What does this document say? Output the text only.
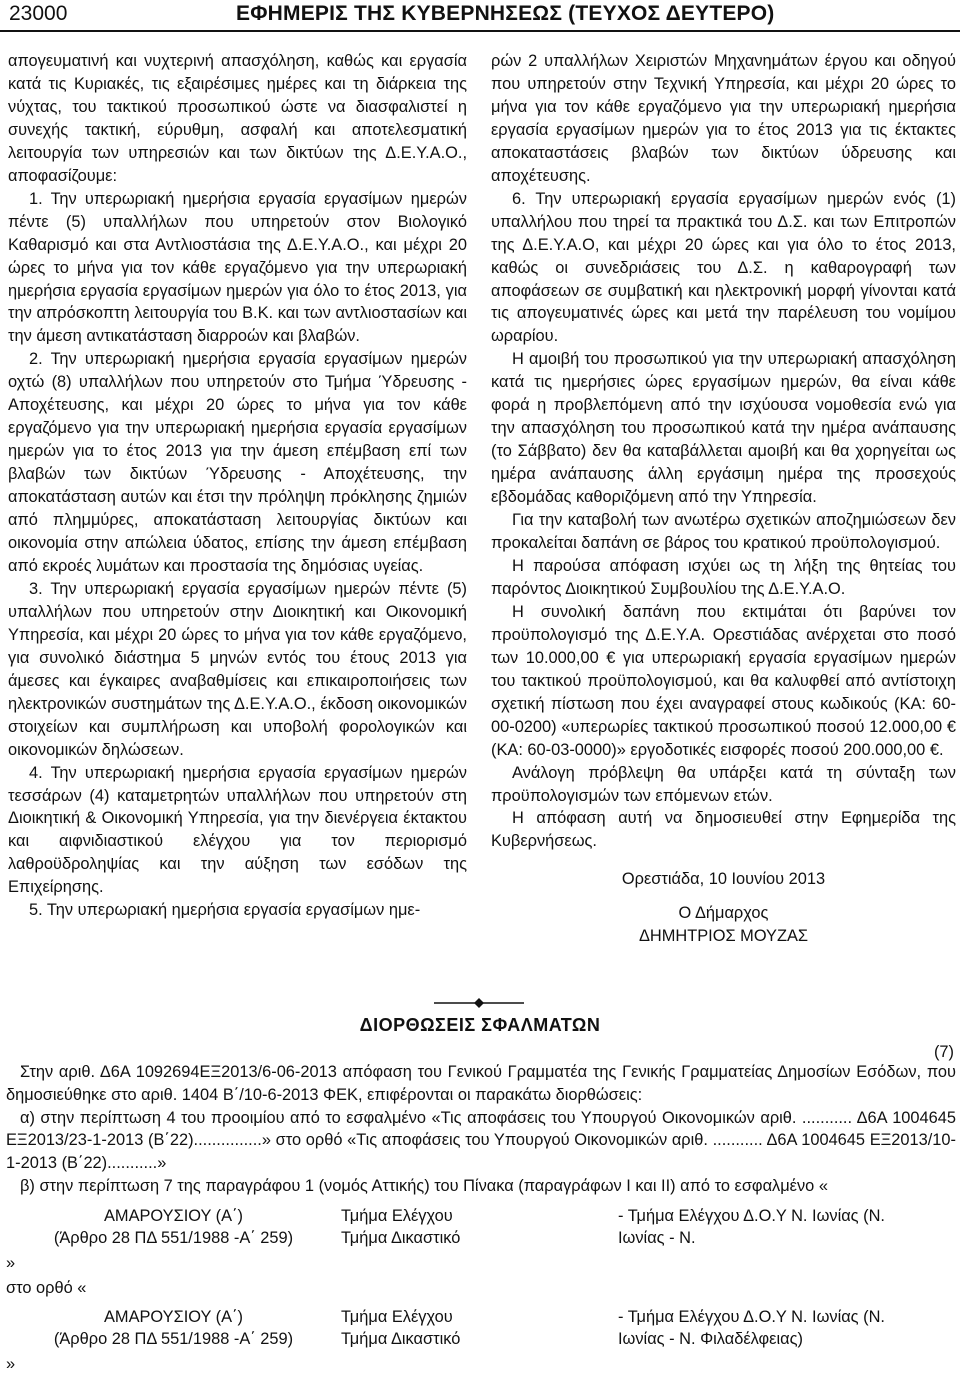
23000	ΕΦΗΜΕΡΙΣ ΤΗΣ ΚΥΒΕΡΝΗΣΕΩΣ (ΤΕΥΧΟΣ ΔΕΥΤΕΡΟ)

απογευματινή και νυχτερινή απασχόληση, καθώς και εργασία κατά τις Κυριακές, τις εξαιρέσιμες ημέρες και τη διάρκεια της νύχτας, του τακτικού προσωπικού ώστε να διασφαλιστεί η συνεχής τακτική, εύρυθμη, ασφαλή και αποτελεσματική λειτουργία των υπηρεσιών και των δικτύων της Δ.Ε.Υ.Α.Ο., αποφασίζουμε:

1. Την υπερωριακή ημερήσια εργασία εργασίμων ημερών πέντε (5) υπαλλήλων που υπηρετούν στον Βιολογικό Καθαρισμό και στα Αντλιοστάσια της Δ.Ε.Υ.Α.Ο., και μέχρι 20 ώρες το μήνα για τον κάθε εργαζόμενο για την υπερωριακή ημερήσια εργασία εργασίμων ημερών για όλο το έτος 2013, για την απρόσκοπτη λειτουργία του Β.Κ. και των αντλιοστασίων και την άμεση αντικατάσταση διαρροών και βλαβών.

2. Την υπερωριακή ημερήσια εργασία εργασίμων ημερών οχτώ (8) υπαλλήλων που υπηρετούν στο Τμήμα Ύδρευσης - Αποχέτευσης, και μέχρι 20 ώρες το μήνα για τον κάθε εργαζόμενο για την υπερωριακή ημερήσια εργασία εργασίμων ημερών για το έτος 2013 για την άμεση επέμβαση επί των βλαβών των δικτύων Ύδρευσης - Αποχέτευσης, την αποκατάσταση αυτών και έτσι την πρόληψη πρόκλησης ζημιών από πλημμύρες, αποκατάσταση λειτουργίας δικτύων και οικονομία στην απώλεια ύδατος, επίσης την άμεση επέμβαση από εκροές λυμάτων και προστασία της δημόσιας υγείας.

3. Την υπερωριακή εργασία εργασίμων ημερών πέντε (5) υπαλλήλων που υπηρετούν στην Διοικητική και Οικονομική Υπηρεσία, και μέχρι 20 ώρες το μήνα για τον κάθε εργαζόμενο, για συνολικό διάστημα 5 μηνών εντός του έτους 2013 για άμεσες και έγκαιρες αναβαθμίσεις και επικαιροποιήσεις των ηλεκτρονικών συστημάτων της Δ.Ε.Υ.Α.Ο., έκδοση οικονομικών στοιχείων και συμπλήρωση και υποβολή φορολογικών και οικονομικών δηλώσεων.

4. Την υπερωριακή ημερήσια εργασία εργασίμων ημερών τεσσάρων (4) καταμετρητών υπαλλήλων που υπηρετούν στη Διοικητική & Οικονομική Υπηρεσία, για την διενέργεια έκτακτου και αιφνιδιαστικού ελέγχου για τον περιορισμό λαθροϋδροληψίας και την αύξηση των εσόδων της Επιχείρησης.

5. Την υπερωριακή ημερήσια εργασία εργασίμων ημε-

ρών 2 υπαλλήλων Χειριστών Μηχανημάτων έργου και οδηγού που υπηρετούν στην Τεχνική Υπηρεσία, και μέχρι 20 ώρες το μήνα για τον κάθε εργαζόμενο για την υπερωριακή ημερήσια εργασία εργασίμων ημερών για το έτος 2013 για τις έκτακτες αποκαταστάσεις βλαβών των δικτύων ύδρευσης και αποχέτευσης.

6. Την υπερωριακή εργασία εργασίμων ημερών ενός (1) υπαλλήλου που τηρεί τα πρακτικά του Δ.Σ. και των Επιτροπών της Δ.Ε.Υ.Α.Ο, και μέχρι 20 ώρες και για όλο το έτος 2013, καθώς οι συνεδριάσεις του Δ.Σ. η καθαρογραφή των αποφάσεων σε συμβατική και ηλεκτρονική μορφή γίνονται κατά τις απογευματινές ώρες και μετά την παρέλευση του νομίμου ωραρίου.

Η αμοιβή του προσωπικού για την υπερωριακή απασχόληση κατά τις ημερήσιες ώρες εργασίμων ημερών, θα είναι κάθε φορά η προβλεπόμενη από την ισχύουσα νομοθεσία ενώ για την απασχόληση του προσωπικού κατά την ημέρα ανάπαυσης (το Σάββατο) δεν θα καταβάλλεται αμοιβή και θα χορηγείται ως ημέρα ανάπαυσης άλλη εργάσιμη ημέρα της προσεχούς εβδομάδας καθοριζόμενη από την Υπηρεσία.

Για την καταβολή των ανωτέρω σχετικών αποζημιώσεων δεν προκαλείται δαπάνη σε βάρος του κρατικού προϋπολογισμού.

Η παρούσα απόφαση ισχύει ως τη λήξη της θητείας του παρόντος Διοικητικού Συμβουλίου της Δ.Ε.Υ.Α.Ο.

Η συνολική δαπάνη που εκτιμάται ότι βαρύνει τον προϋπολογισμό της Δ.Ε.Υ.Α. Ορεστιάδας ανέρχεται στο ποσό των 10.000,00 € για υπερωριακή εργασία εργασίμων ημερών του τακτικού προϋπολογισμού, και θα καλυφθεί από αντίστοιχη σχετική πίστωση που έχει αναγραφεί στους κωδικούς (ΚΑ: 60-00-0200) «υπερωρίες τακτικού προσωπικού ποσού 12.000,00 € (ΚΑ: 60-03-0000)» εργοδοτικές εισφορές ποσού 200.000,00 €.

Ανάλογη πρόβλεψη θα υπάρξει κατά τη σύνταξη των προϋπολογισμών των επόμενων ετών.

Η απόφαση αυτή να δημοσιευθεί στην Εφημερίδα της Κυβερνήσεως.

Ορεστιάδα, 10 Ιουνίου 2013
Ο Δήμαρχος
ΔΗΜΗΤΡΙΟΣ ΜΟΥΖΑΣ
ΔΙΟΡΘΩΣΕΙΣ ΣΦΑΛΜΑΤΩΝ
(7)

Στην αριθ. Δ6Α 1092694ΕΞ2013/6-06-2013 απόφαση του Γενικού Γραμματέα της Γενικής Γραμματείας Δημοσίων Εσόδων, που δημοσιεύθηκε στο αριθ. 1404 Β΄/10-6-2013 ΦΕΚ, επιφέρονται οι παρακάτω διορθώσεις:

α) στην περίπτωση 4 του προοιμίου από το εσφαλμένο «Τις αποφάσεις του Υπουργού Οικονομικών αριθ. ........... Δ6Α 1004645 ΕΞ2013/23-1-2013 (Β΄22)...............» στο ορθό «Τις αποφάσεις του Υπουργού Οικονομικών αριθ. ........... Δ6Α 1004645 ΕΞ2013/10-1-2013 (Β΄22)...........»

β) στην περίπτωση 7 της παραγράφου 1 (νομός Αττικής) του Πίνακα (παραγράφων Ι και ΙΙ) από το εσφαλμένο «

ΑΜΑΡΟΥΣΙΟΥ (Α΄)
(Άρθρο 28 ΠΔ 551/1988 -Α΄ 259)
Τμήμα Ελέγχου
Τμήμα Δικαστικό
- Τμήμα Ελέγχου Δ.Ο.Υ Ν. Ιωνίας (Ν.
Ιωνίας - Ν.
»
στο ορθό «
ΑΜΑΡΟΥΣΙΟΥ (Α΄)
(Άρθρο 28 ΠΔ 551/1988 -Α΄ 259)
Τμήμα Ελέγχου
Τμήμα Δικαστικό
- Τμήμα Ελέγχου Δ.Ο.Υ Ν. Ιωνίας (Ν.
Ιωνίας - Ν. Φιλαδέλφειας)
»
